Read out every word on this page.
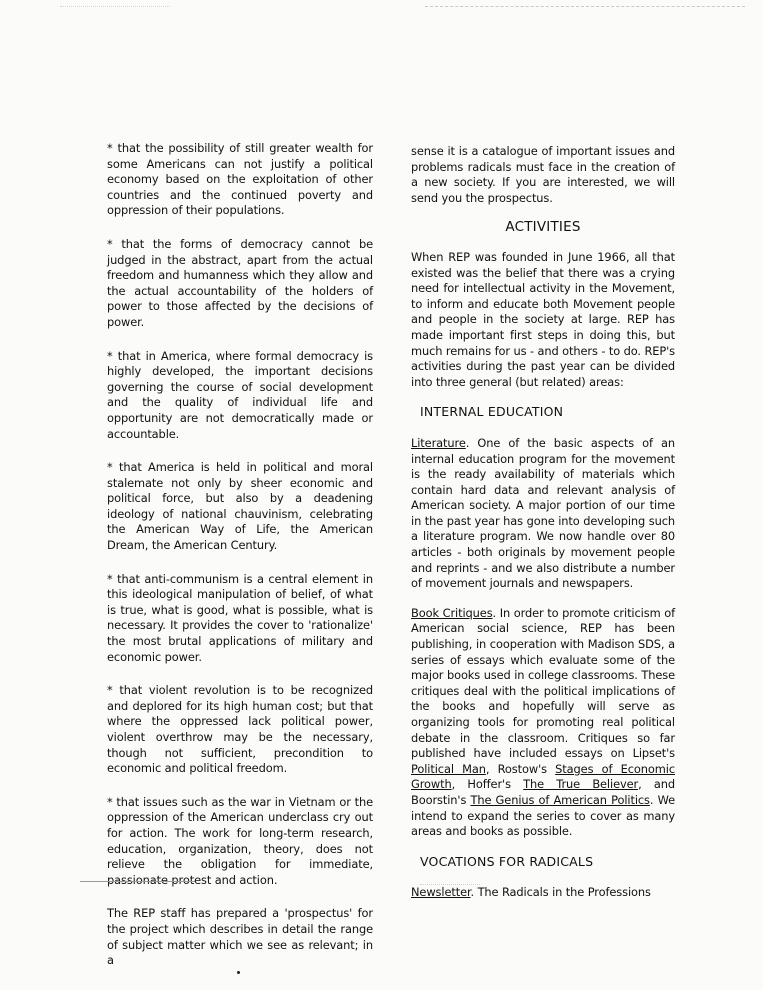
* that the possibility of still greater wealth for some Americans can not justify a political economy based on the exploitation of other countries and the continued poverty and oppression of their populations.

* that the forms of democracy cannot be judged in the abstract, apart from the actual freedom and humanness which they allow and the actual accountability of the holders of power to those affected by the decisions of power.

* that in America, where formal democracy is highly developed, the important decisions governing the course of social development and the quality of individual life and opportunity are not democratically made or accountable.

* that America is held in political and moral stalemate not only by sheer economic and political force, but also by a deadening ideology of national chauvinism, celebrating the American Way of Life, the American Dream, the American Century.

* that anti-communism is a central element in this ideological manipulation of belief, of what is true, what is good, what is possible, what is necessary. It provides the cover to 'rationalize' the most brutal applications of military and economic power.

* that violent revolution is to be recognized and deplored for its high human cost; but that where the oppressed lack political power, violent overthrow may be the necessary, though not sufficient, precondition to economic and political freedom.

* that issues such as the war in Vietnam or the oppression of the American underclass cry out for action. The work for long-term research, education, organization, theory, does not relieve the obligation for immediate, passionate protest and action.

The REP staff has prepared a 'prospectus' for the project which describes in detail the range of subject matter which we see as relevant; in a

sense it is a catalogue of important issues and problems radicals must face in the creation of a new society. If you are interested, we will send you the prospectus.

ACTIVITIES

When REP was founded in June 1966, all that existed was the belief that there was a crying need for intellectual activity in the Movement, to inform and educate both Movement people and people in the society at large. REP has made important first steps in doing this, but much remains for us - and others - to do. REP's activities during the past year can be divided into three general (but related) areas:

INTERNAL EDUCATION

Literature. One of the basic aspects of an internal education program for the movement is the ready availability of materials which contain hard data and relevant analysis of American society. A major portion of our time in the past year has gone into developing such a literature program. We now handle over 80 articles - both originals by movement people and reprints - and we also distribute a number of movement journals and newspapers.

Book Critiques. In order to promote criticism of American social science, REP has been publishing, in cooperation with Madison SDS, a series of essays which evaluate some of the major books used in college classrooms. These critiques deal with the political implications of the books and hopefully will serve as organizing tools for promoting real political debate in the classroom. Critiques so far published have included essays on Lipset's Political Man, Rostow's Stages of Economic Growth, Hoffer's The True Believer, and Boorstin's The Genius of American Politics. We intend to expand the series to cover as many areas and books as possible.

VOCATIONS FOR RADICALS

Newsletter. The Radicals in the Professions
